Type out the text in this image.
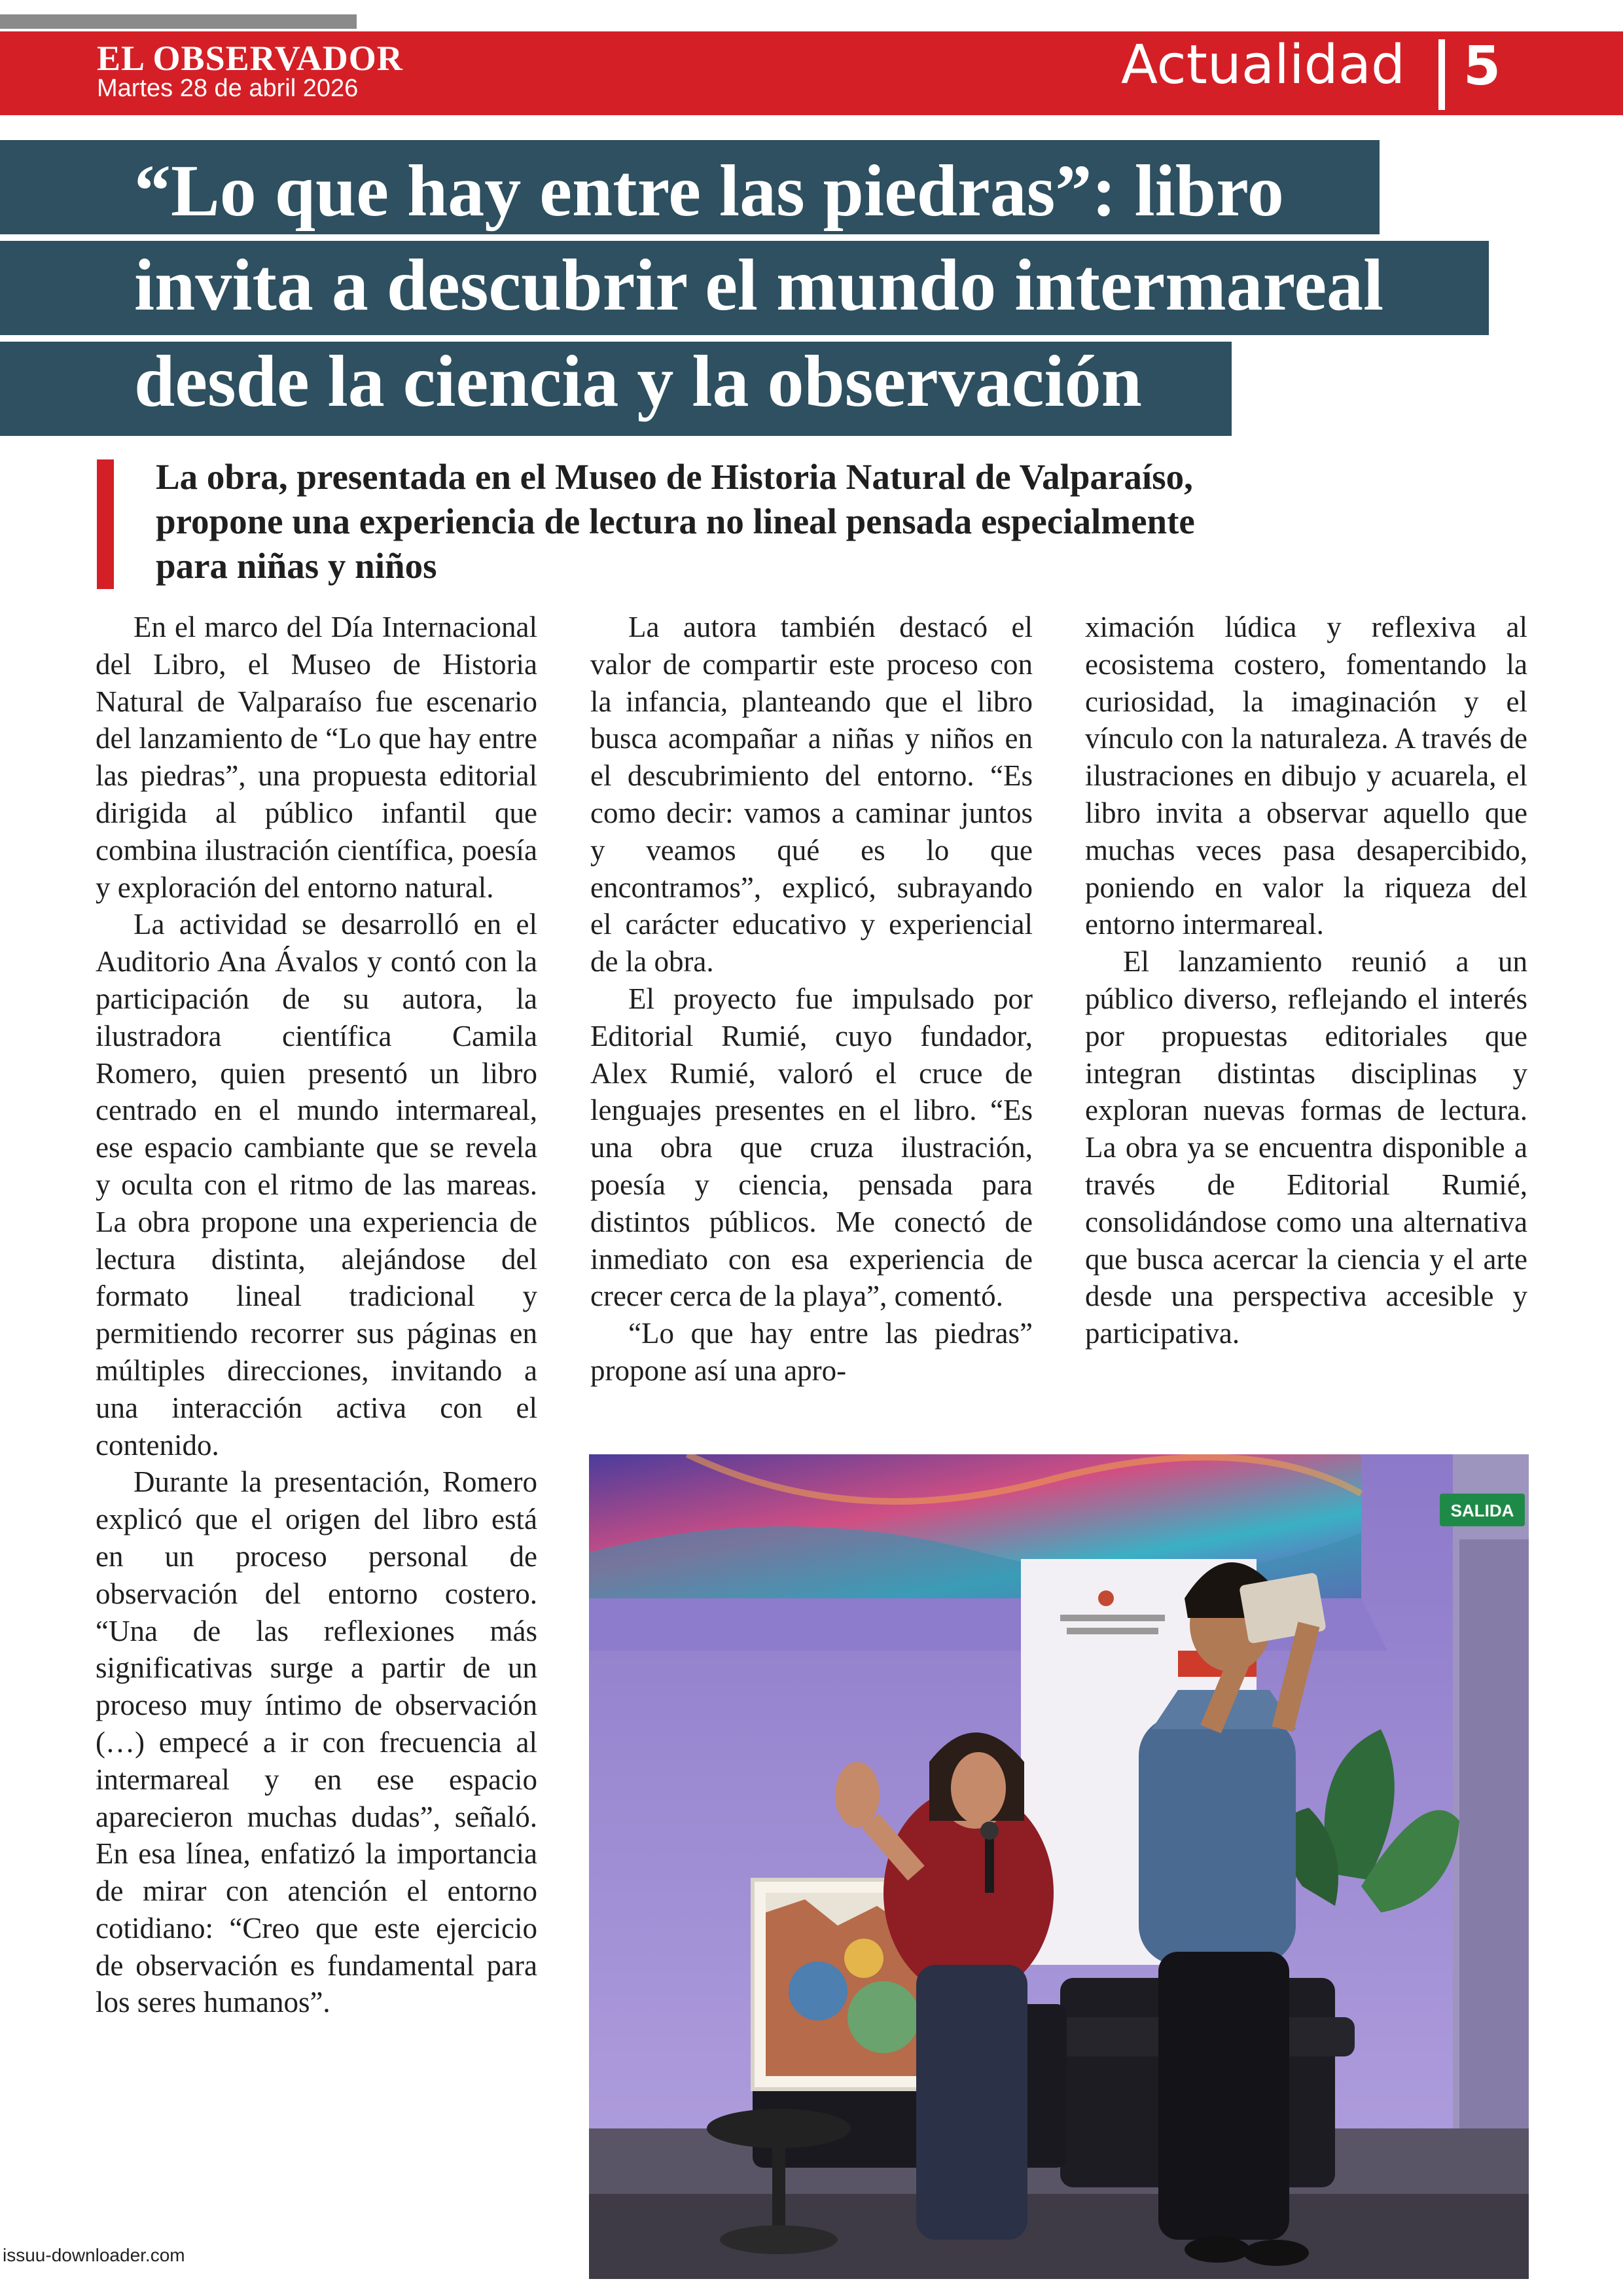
EL OBSERVADOR
Martes 28 de abril 2026	Actualidad 5
“Lo que hay entre las piedras”: libro
invita a descubrir el mundo intermareal
desde la ciencia y la observación

La obra, presentada en el Museo de Historia Natural de Valparaíso, propone una experiencia de lectura no lineal pensada especialmente para niñas y niños

En el marco del Día Internacional del Libro, el Museo de Historia Natural de Valparaíso fue escenario del lanzamiento de “Lo que hay entre las piedras”, una propuesta editorial dirigida al público infantil que combina ilustración científica, poesía y exploración del entorno natural.

La actividad se desarrolló en el Auditorio Ana Ávalos y contó con la participación de su autora, la ilustradora científica Camila Romero, quien presentó un libro centrado en el mundo intermareal, ese espacio cambiante que se revela y oculta con el ritmo de las mareas. La obra propone una experiencia de lectura distinta, alejándose del formato lineal tradicional y permitiendo recorrer sus páginas en múltiples direcciones, invitando a una interacción activa con el contenido.

Durante la presentación, Romero explicó que el origen del libro está en un proceso personal de observación del entorno costero. “Una de las reflexiones más significativas surge a partir de un proceso muy íntimo de observación (…) empecé a ir con frecuencia al intermareal y en ese espacio aparecieron muchas dudas”, señaló. En esa línea, enfatizó la importancia de mirar con atención el entorno cotidiano: “Creo que este ejercicio de observación es fundamental para los seres humanos”.

La autora también destacó el valor de compartir este proceso con la infancia, planteando que el libro busca acompañar a niñas y niños en el descubrimiento del entorno. “Es como decir: vamos a caminar juntos y veamos qué es lo que encontramos”, explicó, subrayando el carácter educativo y experiencial de la obra.

El proyecto fue impulsado por Editorial Rumié, cuyo fundador, Alex Rumié, valoró el cruce de lenguajes presentes en el libro. “Es una obra que cruza ilustración, poesía y ciencia, pensada para distintos públicos. Me conectó de inmediato con esa experiencia de crecer cerca de la playa”, comentó.

“Lo que hay entre las piedras” propone así una apro-

ximación lúdica y reflexiva al ecosistema costero, fomentando la curiosidad, la imaginación y el vínculo con la naturaleza. A través de ilustraciones en dibujo y acuarela, el libro invita a observar aquello que muchas veces pasa desapercibido, poniendo en valor la riqueza del entorno intermareal.

El lanzamiento reunió a un público diverso, reflejando el interés por propuestas editoriales que integran distintas disciplinas y exploran nuevas formas de lectura. La obra ya se encuentra disponible a través de Editorial Rumié, consolidándose como una alternativa que busca acercar la ciencia y el arte desde una perspectiva accesible y participativa.

SALIDA
issuu-downloader.com
